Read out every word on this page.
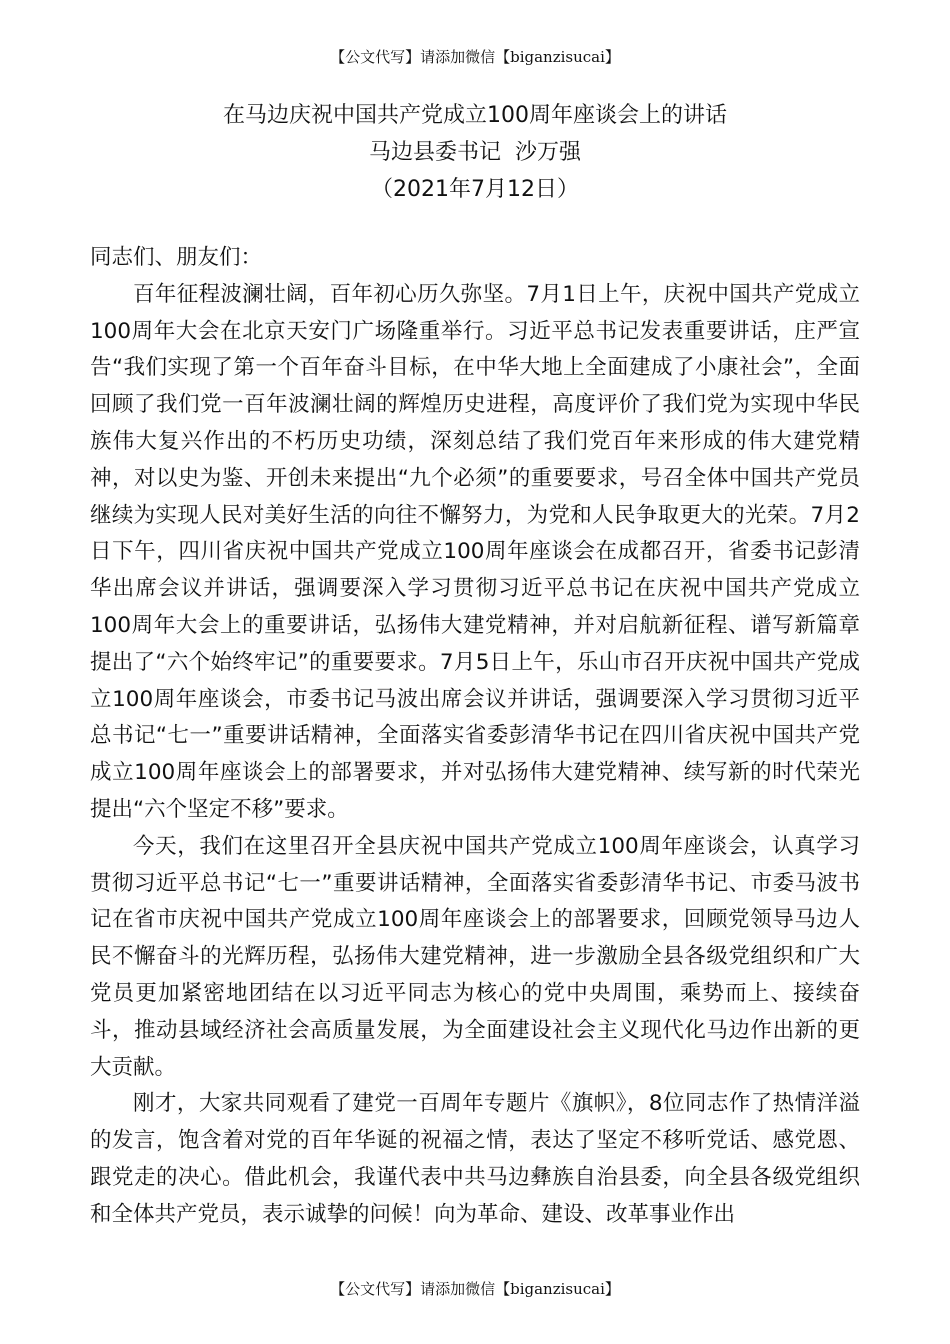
【公文代写】请添加微信【biganzisucai】
在马边庆祝中国共产党成立100周年座谈会上的讲话
马边县委书记  沙万强
（2021年7月12日）

同志们、朋友们：

百年征程波澜壮阔，百年初心历久弥坚。7月1日上午，庆祝中国共产党成立100周年大会在北京天安门广场隆重举行。习近平总书记发表重要讲话，庄严宣告“我们实现了第一个百年奋斗目标，在中华大地上全面建成了小康社会”，全面回顾了我们党一百年波澜壮阔的辉煌历史进程，高度评价了我们党为实现中华民族伟大复兴作出的不朽历史功绩，深刻总结了我们党百年来形成的伟大建党精神，对以史为鉴、开创未来提出“九个必须”的重要要求，号召全体中国共产党员继续为实现人民对美好生活的向往不懈努力，为党和人民争取更大的光荣。7月2日下午，四川省庆祝中国共产党成立100周年座谈会在成都召开，省委书记彭清华出席会议并讲话，强调要深入学习贯彻习近平总书记在庆祝中国共产党成立100周年大会上的重要讲话，弘扬伟大建党精神，并对启航新征程、谱写新篇章提出了“六个始终牢记”的重要要求。7月5日上午，乐山市召开庆祝中国共产党成立100周年座谈会，市委书记马波出席会议并讲话，强调要深入学习贯彻习近平总书记“七一”重要讲话精神，全面落实省委彭清华书记在四川省庆祝中国共产党成立100周年座谈会上的部署要求，并对弘扬伟大建党精神、续写新的时代荣光提出“六个坚定不移”要求。

今天，我们在这里召开全县庆祝中国共产党成立100周年座谈会，认真学习贯彻习近平总书记“七一”重要讲话精神，全面落实省委彭清华书记、市委马波书记在省市庆祝中国共产党成立100周年座谈会上的部署要求，回顾党领导马边人民不懈奋斗的光辉历程，弘扬伟大建党精神，进一步激励全县各级党组织和广大党员更加紧密地团结在以习近平同志为核心的党中央周围，乘势而上、接续奋斗，推动县域经济社会高质量发展，为全面建设社会主义现代化马边作出新的更大贡献。

刚才，大家共同观看了建党一百周年专题片《旗帜》，8位同志作了热情洋溢的发言，饱含着对党的百年华诞的祝福之情，表达了坚定不移听党话、感党恩、跟党走的决心。借此机会，我谨代表中共马边彝族自治县委，向全县各级党组织和全体共产党员，表示诚挚的问候！向为革命、建设、改革事业作出

【公文代写】请添加微信【biganzisucai】
